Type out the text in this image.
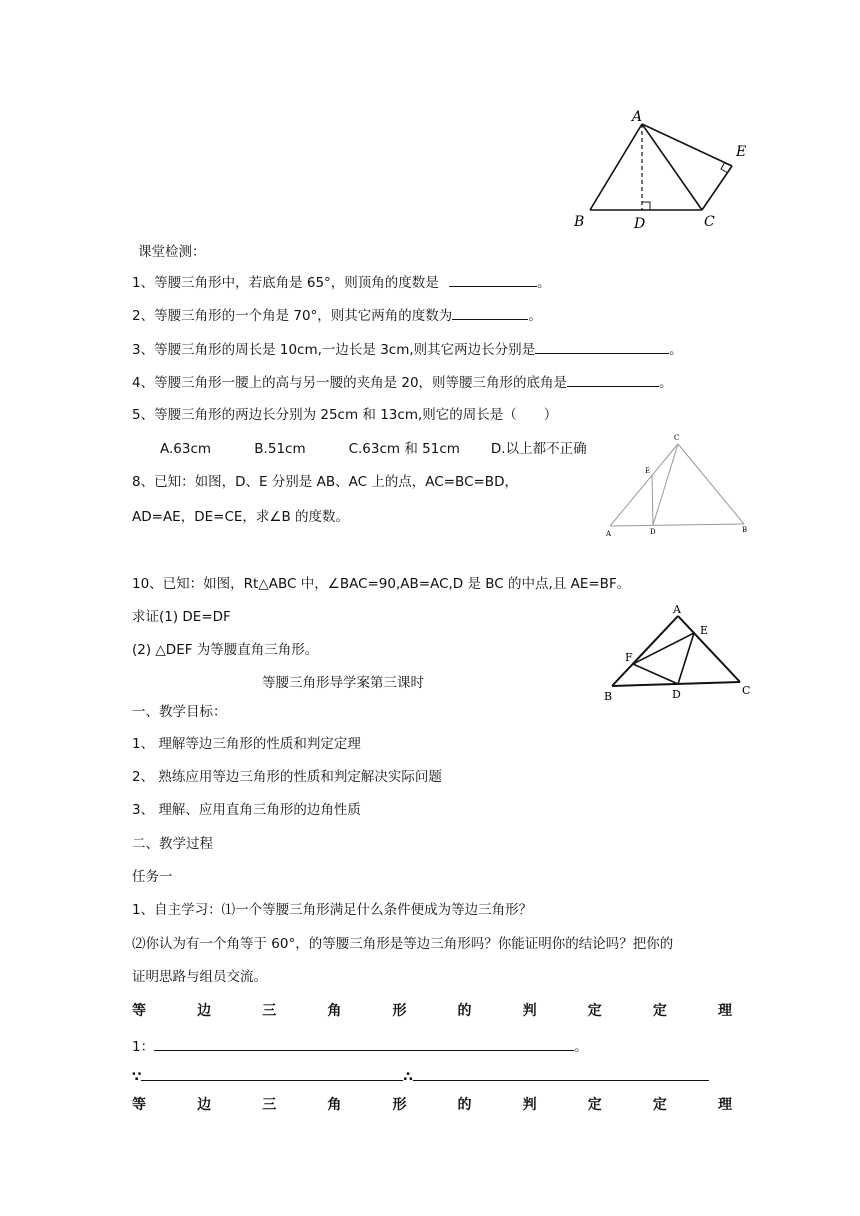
A
B	D	C
E
课堂检测：
1、等腰三角形中，若底角是 65°，则顶角的度数是	。
2、等腰三角形的一个角是 70°，则其它两角的度数为	。
3、等腰三角形的周长是 10cm,一边长是 3cm,则其它两边长分别是	。
4、等腰三角形一腰上的高与另一腰的夹角是 20，则等腰三角形的底角是	。
5、等腰三角形的两边长分别为 25cm 和 13cm,则它的周长是（　　）
A.63cm	B.51cm	C.63cm 和 51cm D.以上都不正确
C
E
A	D	B
8、已知：如图，D、E 分别是 AB、AC 上的点，AC=BC=BD，
AD=AE，DE=CE，求∠B 的度数。
10、已知：如图，Rt△ABC 中，∠BAC=90,AB=AC,D 是 BC 的中点,且 AE=BF。
求证(1) DE=DF
(2) △DEF 为等腰直角三角形。
A
E
F
B	D	C
等腰三角形导学案第三课时
一、教学目标：
1、 理解等边三角形的性质和判定定理
2、 熟练应用等边三角形的性质和判定解决实际问题
3、 理解、应用直角三角形的边角性质
二、教学过程
任务一
1、自主学习：⑴一个等腰三角形满足什么条件便成为等边三角形？
⑵你认为有一个角等于 60°，的等腰三角形是等边三角形吗？你能证明你的结论吗？把你的
证明思路与组员交流。
等	边	三	角	形	的	判	定	定	理
1：	。
∵	∴
等	边	三	角	形	的	判	定	定	理
